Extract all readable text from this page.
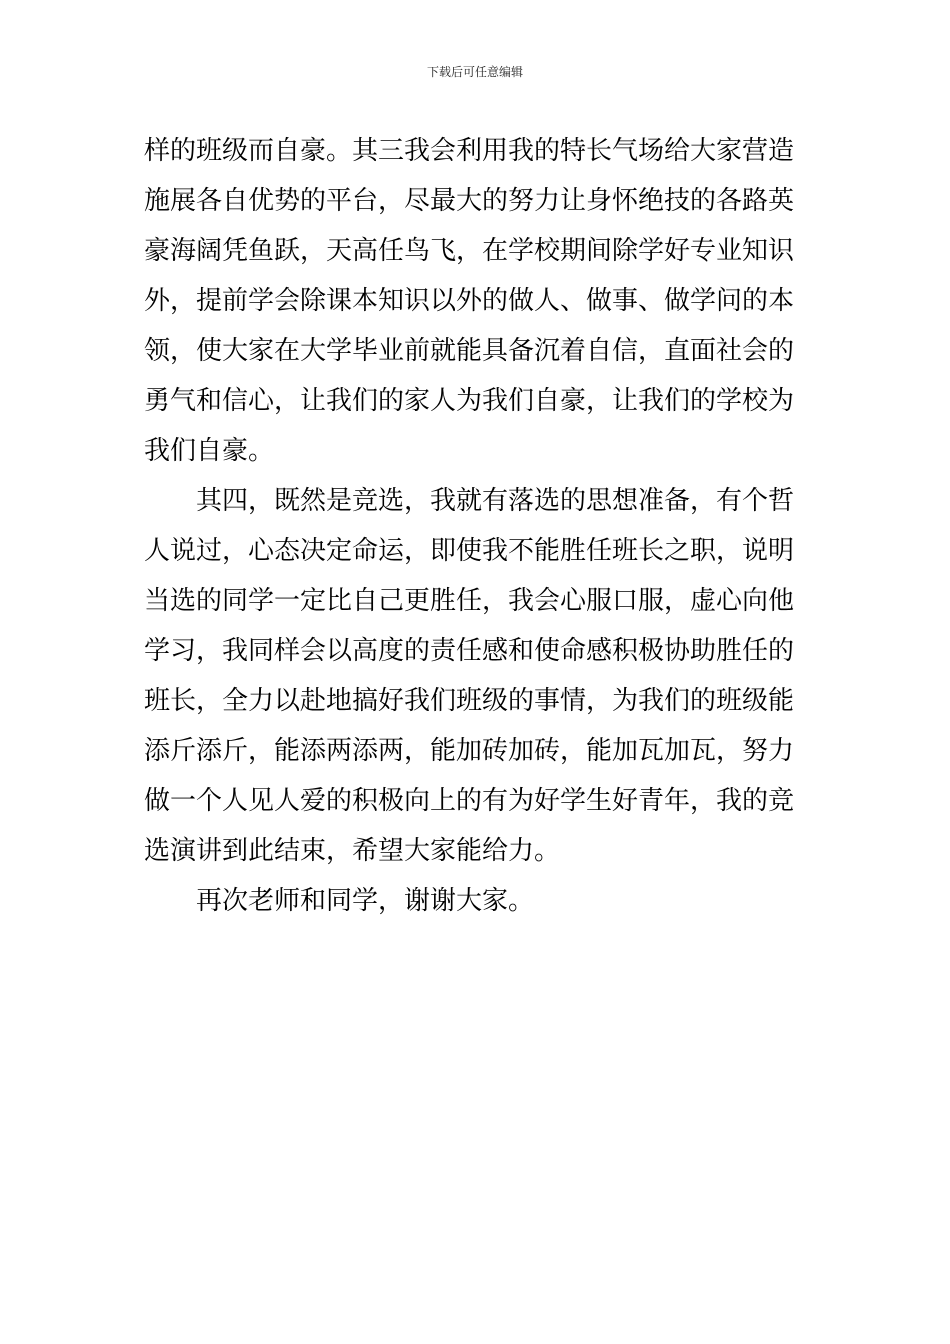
下载后可任意编辑
样的班级而自豪。其三我会利用我的特长气场给大家营造
施展各自优势的平台，尽最大的努力让身怀绝技的各路英
豪海阔凭鱼跃，天高任鸟飞，在学校期间除学好专业知识
外，提前学会除课本知识以外的做人、做事、做学问的本
领，使大家在大学毕业前就能具备沉着自信，直面社会的
勇气和信心，让我们的家人为我们自豪，让我们的学校为
我们自豪。
其四，既然是竞选，我就有落选的思想准备，有个哲
人说过，心态决定命运，即使我不能胜任班长之职，说明
当选的同学一定比自己更胜任，我会心服口服，虚心向他
学习，我同样会以高度的责任感和使命感积极协助胜任的
班长，全力以赴地搞好我们班级的事情，为我们的班级能
添斤添斤，能添两添两，能加砖加砖，能加瓦加瓦，努力
做一个人见人爱的积极向上的有为好学生好青年，我的竞
选演讲到此结束，希望大家能给力。
再次老师和同学，谢谢大家。
